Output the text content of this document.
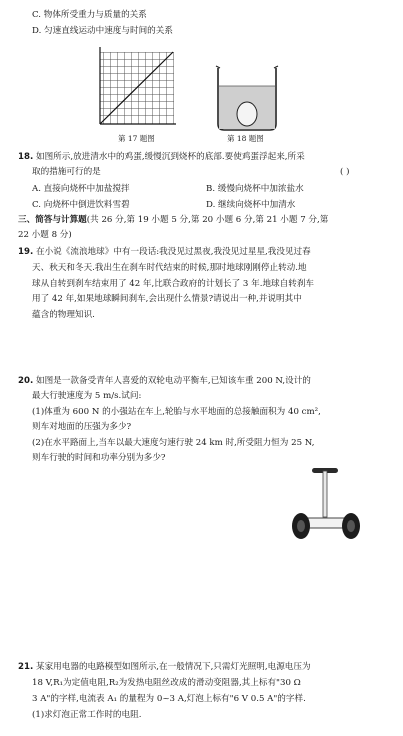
C. 物体所受重力与质量的关系
D. 匀速直线运动中速度与时间的关系
第 17 题图	第 18 题图
18. 如图所示,放进清水中的鸡蛋,缓慢沉到烧杯的底部.要使鸡蛋浮起来,所采
取的措施可行的是	( )
A. 直接向烧杯中加盐搅拌	B. 缓慢向烧杯中加浓盐水
C. 向烧杯中倒进饮料雪碧	D. 继续向烧杯中加清水
三、简答与计算题(共 26 分,第 19 小题 5 分,第 20 小题 6 分,第 21 小题 7 分,第
22 小题 8 分)
19. 在小说《流浪地球》中有一段话:我没见过黑夜,我没见过星星,我没见过春
天、秋天和冬天.我出生在刹车时代结束的时候,那时地球刚刚停止转动.地
球从自转到刹车结束用了 42 年,比联合政府的计划长了 3 年.地球自转刹车
用了 42 年,如果地球瞬间刹车,会出现什么情景?请说出一种,并说明其中
蕴含的物理知识.
20. 如图是一款备受青年人喜爱的双轮电动平衡车,已知该车重 200 N,设计的
最大行驶速度为 5 m/s.试问:
(1)体重为 600 N 的小强站在车上,轮胎与水平地面的总接触面积为 40 cm²,
则车对地面的压强为多少?
(2)在水平路面上,当车以最大速度匀速行驶 24 km 时,所受阻力恒为 25 N,
则车行驶的时间和功率分别为多少?
21. 某家用电器的电路模型如图所示,在一般情况下,只需灯光照明,电源电压为
18 V,R₁为定值电阻,R₂为发热电阻丝改成的滑动变阻器,其上标有"30 Ω
3 A"的字样,电流表 A₁ 的量程为 0~3 A,灯泡上标有"6 V 0.5 A"的字样.
(1)求灯泡正常工作时的电阻.
